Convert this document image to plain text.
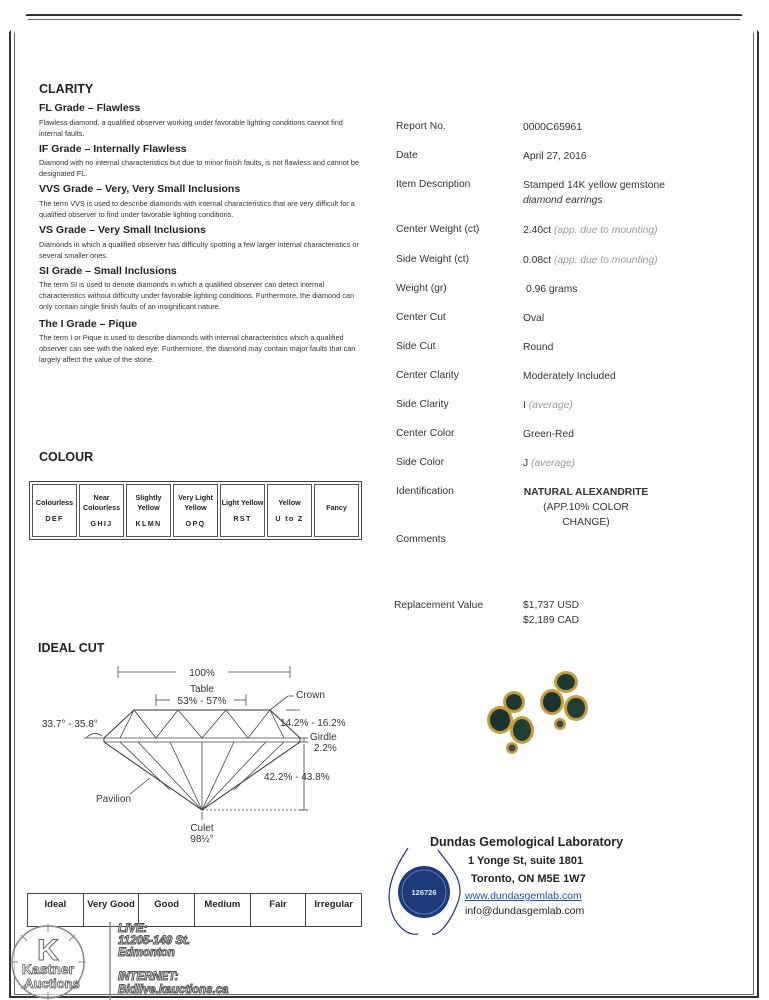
CLARITY
FL Grade – Flawless
Flawless diamond, a qualified observer working under favorable lighting conditions cannot find internal faults.
IF Grade – Internally Flawless
Diamond with no internal characteristics but due to minor finish faults, is not flawless and cannot be designated FL.
VVS Grade – Very, Very Small Inclusions
The term VVS is used to describe diamonds with internal characteristics that are very difficult for a qualified observer to find under favorable lighting conditions.
VS Grade – Very Small Inclusions
Diamonds in which a qualified observer has difficulty spotting a few larger internal characteristics or several smaller ones.
SI Grade – Small Inclusions
The term SI is used to denote diamonds in which a qualified observer can detect internal characteristics without difficulty under favorable lighting conditions. Furthermore, the diamond can only contain single finish faults of an insignificant nature.
The I Grade – Pique
The term I or Pique is used to describe diamonds with internal characteristics which a qualified observer can see with the naked eye. Furthermore, the diamond may contain major faults that can largely affect the value of the stone.
COLOUR
Colourless
DEF
Near Colourless
GHIJ
Slightly Yellow
KLMN
Very Light Yellow
OPQ
Light Yellow
RST
Yellow
U to Z
Fancy
IDEAL CUT
100%
Table
53% - 57%
Crown
33.7° - 35.8°	14.2% - 16.2%
Girdle
2.2%
42.2% - 43.8%
Pavilion
Culet
98½°
Ideal	Very Good	Good	Medium	Fair	Irregular
Report No.	0000C65961
Date	April 27, 2016
Item Description	Stamped 14K yellow gemstone
diamond earrings
Center Weight (ct)	2.40ct (app. due to mounting)
Side Weight (ct)	0.08ct (app. due to mounting)
Weight (gr)	0.96 grams
Center Cut	Oval
Side Cut	Round
Center Clarity	Moderately Included
Side Clarity	I (average)
Center Color	Green-Red
Side Color	J (average)
Identification	NATURAL ALEXANDRITE
(APP.10% COLOR CHANGE)
Comments
Replacement Value	$1,737 USD
$2,189 CAD
126726
Dundas Gemological Laboratory
1 Yonge St, suite 1801
Toronto, ON M5E 1W7
www.dundasgemlab.com
info@dundasgemlab.com
K
Kastner
Auctions
LIVE:
11205-149 St.
Edmonton
INTERNET:
Bidlive.kauctions.ca
